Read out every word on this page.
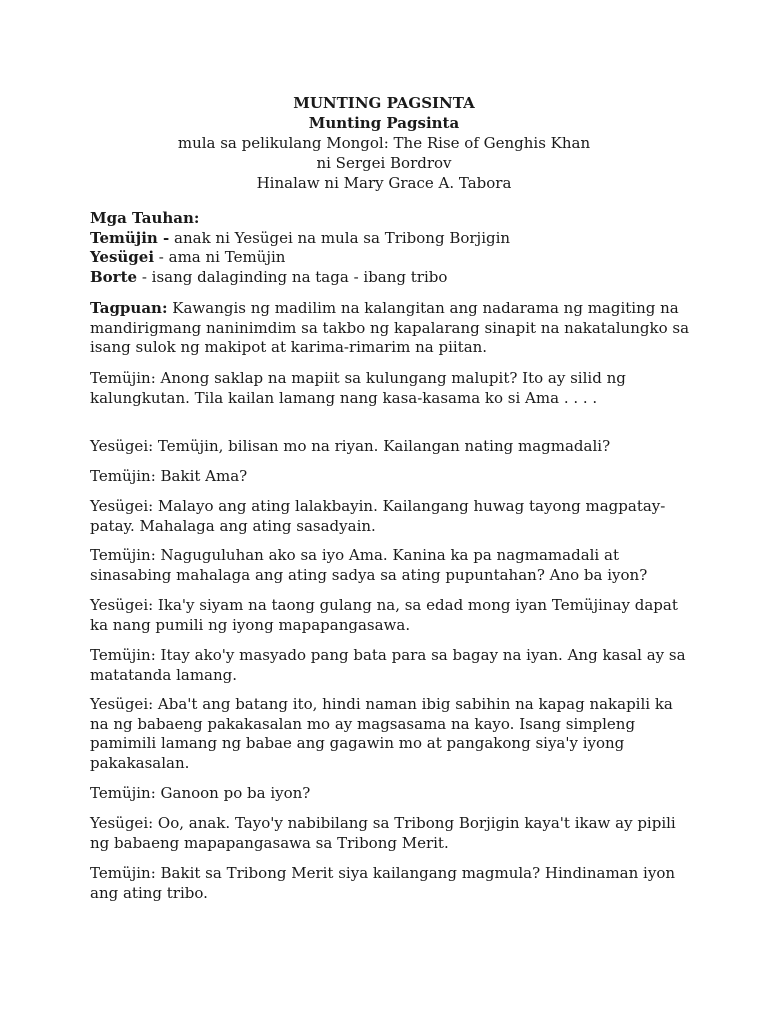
MUNTING PAGSINTA
Munting Pagsinta
mula sa pelikulang Mongol: The Rise of Genghis Khan
ni Sergei Bordrov
Hinalaw ni Mary Grace A. Tabora
Mga Tauhan:
Temüjin - anak ni Yesügei na mula sa Tribong Borjigin
Yesügei - ama ni Temüjin
Borte - isang dalaginding na taga - ibang tribo
Tagpuan: Kawangis ng madilim na kalangitan ang nadarama ng magiting na
mandirigmang naninimdim sa takbo ng kapalarang sinapit na nakatalungko sa
isang sulok ng makipot at karima-rimarim na piitan.
Temüjin: Anong saklap na mapiit sa kulungang malupit? Ito ay silid ng
kalungkutan. Tila kailan lamang nang kasa-kasama ko si Ama . . . .
Yesügei: Temüjin, bilisan mo na riyan. Kailangan nating magmadali?
Temüjin: Bakit Ama?
Yesügei: Malayo ang ating lalakbayin. Kailangang huwag tayong magpatay-
patay. Mahalaga ang ating sasadyain.
Temüjin: Naguguluhan ako sa iyo Ama. Kanina ka pa nagmamadali at
sinasabing mahalaga ang ating sadya sa ating pupuntahan? Ano ba iyon?
Yesügei: Ika'y siyam na taong gulang na, sa edad mong iyan Temüjinay dapat
ka nang pumili ng iyong mapapangasawa.
Temüjin: Itay ako'y masyado pang bata para sa bagay na iyan. Ang kasal ay sa
matatanda lamang.
Yesügei: Aba't ang batang ito, hindi naman ibig sabihin na kapag nakapili ka
na ng babaeng pakakasalan mo ay magsasama na kayo. Isang simpleng
pamimili lamang ng babae ang gagawin mo at pangakong siya'y iyong
pakakasalan.
Temüjin: Ganoon po ba iyon?
Yesügei: Oo, anak. Tayo'y nabibilang sa Tribong Borjigin kaya't ikaw ay pipili
ng babaeng mapapangasawa sa Tribong Merit.
Temüjin: Bakit sa Tribong Merit siya kailangang magmula? Hindinaman iyon
ang ating tribo.
